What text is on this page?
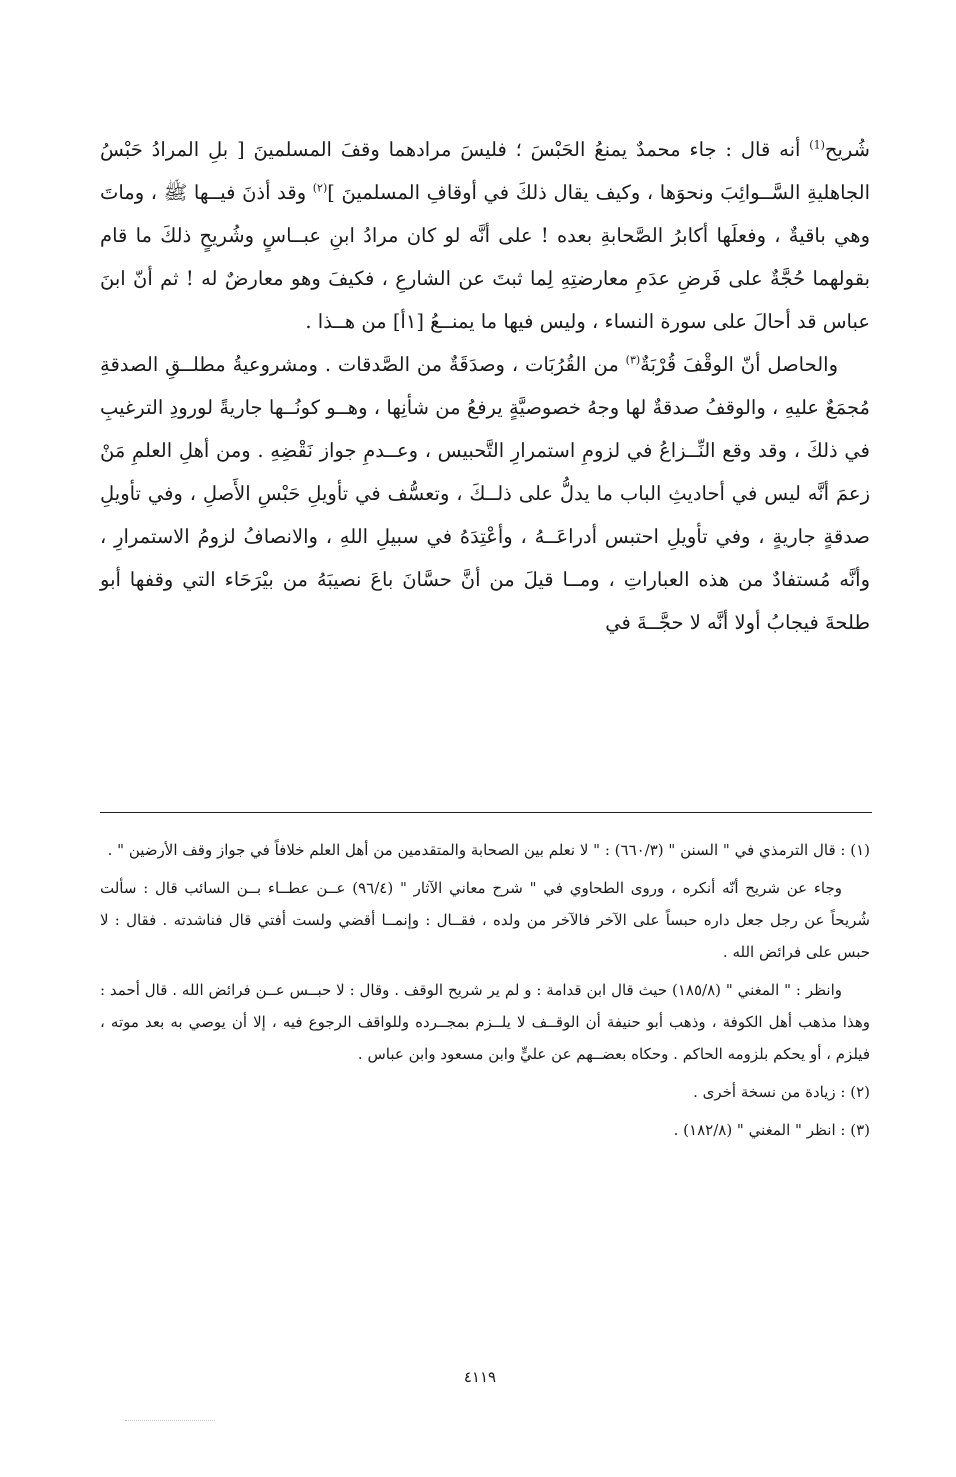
شُريح$^{(1)}$ أنه قال : جاء محمدٌ يمنعُ الحَبْسَ ؛ فليسَ مرادهما وقفَ المسلمينَ [ بلِ المرادُ حَبْسُ الجاهليةِ السَّــوائِبَ ونحوَها ، وكيف يقال ذلكَ في أوقافِ المسلمينَ ]$^{(٢)}$ وقد أذنَ فيــها ﷺ ، وماتَ وهي باقيةٌ ، وفعلَها أكابرُ الصَّحابةِ بعده ! على أنَّه لو كان مرادُ ابنِ عبــاسٍ وشُريحٍ ذلكَ ما قام بقولهما حُجَّةٌ على فَرضِ عدَمِ معارضتِهِ لِما ثبتَ عن الشارعِ ، فكيفَ وهو معارضٌ له ! ثم أنّ ابنَ عباس قد أحالَ على سورة النساء ، وليس فيها ما يمنــعُ [١أ] من هــذا .

والحاصل أنّ الوقْفَ قُرْبَةٌ$^{(٣)}$ من القُرُبَات ، وصدَقَةٌ من الصَّدقات . ومشروعيةُ مطلــقِ الصدقةِ مُجمَعٌ عليهِ ، والوقفُ صدقةٌ لها وجهُ خصوصيَّةٍ يرفعُ من شأنِها ، وهــو كونُــها جاريةً لورودِ الترغيبِ في ذلكَ ، وقد وقع النِّــزاعُ في لزومِ استمرارِ التَّحبيس ، وعــدمِ جواز نَقْضِهِ . ومن أهلِ العلمِ مَنْ زعمَ أنَّه ليس في أحاديثِ الباب ما يدلُّ على ذلــكَ ، وتعسُّف في تأويلِ حَبْسِ الأَصلِ ، وفي تأويلِ صدقةٍ جاريةٍ ، وفي تأويلِ احتبس أدراعَــهُ ، وأعْتِدَهُ في سبيلِ اللهِ ، والانصافُ لزومُ الاستمرارِ ، وأنَّه مُستفادٌ من هذه العباراتِ ، ومــا قيلَ من أنَّ حسَّانَ باعَ نصيبَهُ من بيْرَحَاء التي وقفها أبو طلحةَ فيجابُ أولا أنَّه لا حجَّــةَ في

(١) : قال الترمذي في " السنن " (٦٦٠/٣) : " لا نعلم بين الصحابة والمتقدمين من أهل العلم خلافاً في جواز وقف الأرضين " .

وجاء عن شريح أنّه أنكره ، وروى الطحاوي في " شرح معاني الآثار " (٩٦/٤) عــن عطــاء بــن السائب قال : سألت شُريحاً عن رجل جعل داره حبساً على الآخر فالآخر من ولده ، فقــال : وإنمــا أقضي ولست أفتي قال فناشدته . فقال : لا حبس على فرائض الله .

وانظر : " المغني " (١٨٥/٨) حيث قال ابن قدامة : و لم ير شريح الوقف . وقال : لا حبــس عــن فرائض الله . قال أحمد : وهذا مذهب أهل الكوفة ، وذهب أبو حنيفة أن الوقــف لا يلــزم بمجــرده وللواقف الرجوع فيه ، إلا أن يوصي به بعد موته ، فيلزم ، أو يحكم بلزومه الحاكم . وحكاه بعضــهم عن عليٍّ وابن مسعود وابن عباس .

(٢) : زيادة من نسخة أخرى .

(٣) : انظر " المغني " (١٨٢/٨) .

٤١١٩
